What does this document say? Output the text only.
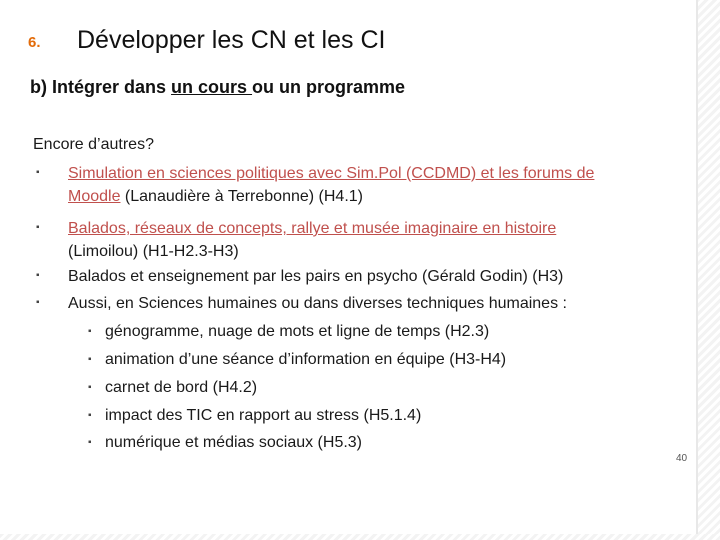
6. Développer les CN et les CI
b) Intégrer dans un cours ou un programme
Encore d’autres?
▪ Simulation en sciences politiques avec Sim.Pol (CCDMD) et les forums de
Moodle (Lanaudière à Terrebonne) (H4.1)
▪ Balados, réseaux de concepts, rallye et musée imaginaire en histoire
(Limoilou) (H1-H2.3-H3)
▪ Balados et enseignement par les pairs en psycho (Gérald Godin) (H3)
▪ Aussi, en Sciences humaines ou dans diverses techniques humaines :
▪ génogramme, nuage de mots et ligne de temps (H2.3)
▪ animation d’une séance d’information en équipe (H3-H4)
▪ carnet de bord (H4.2)
▪ impact des TIC en rapport au stress (H5.1.4)
▪ numérique et médias sociaux (H5.3)
40
